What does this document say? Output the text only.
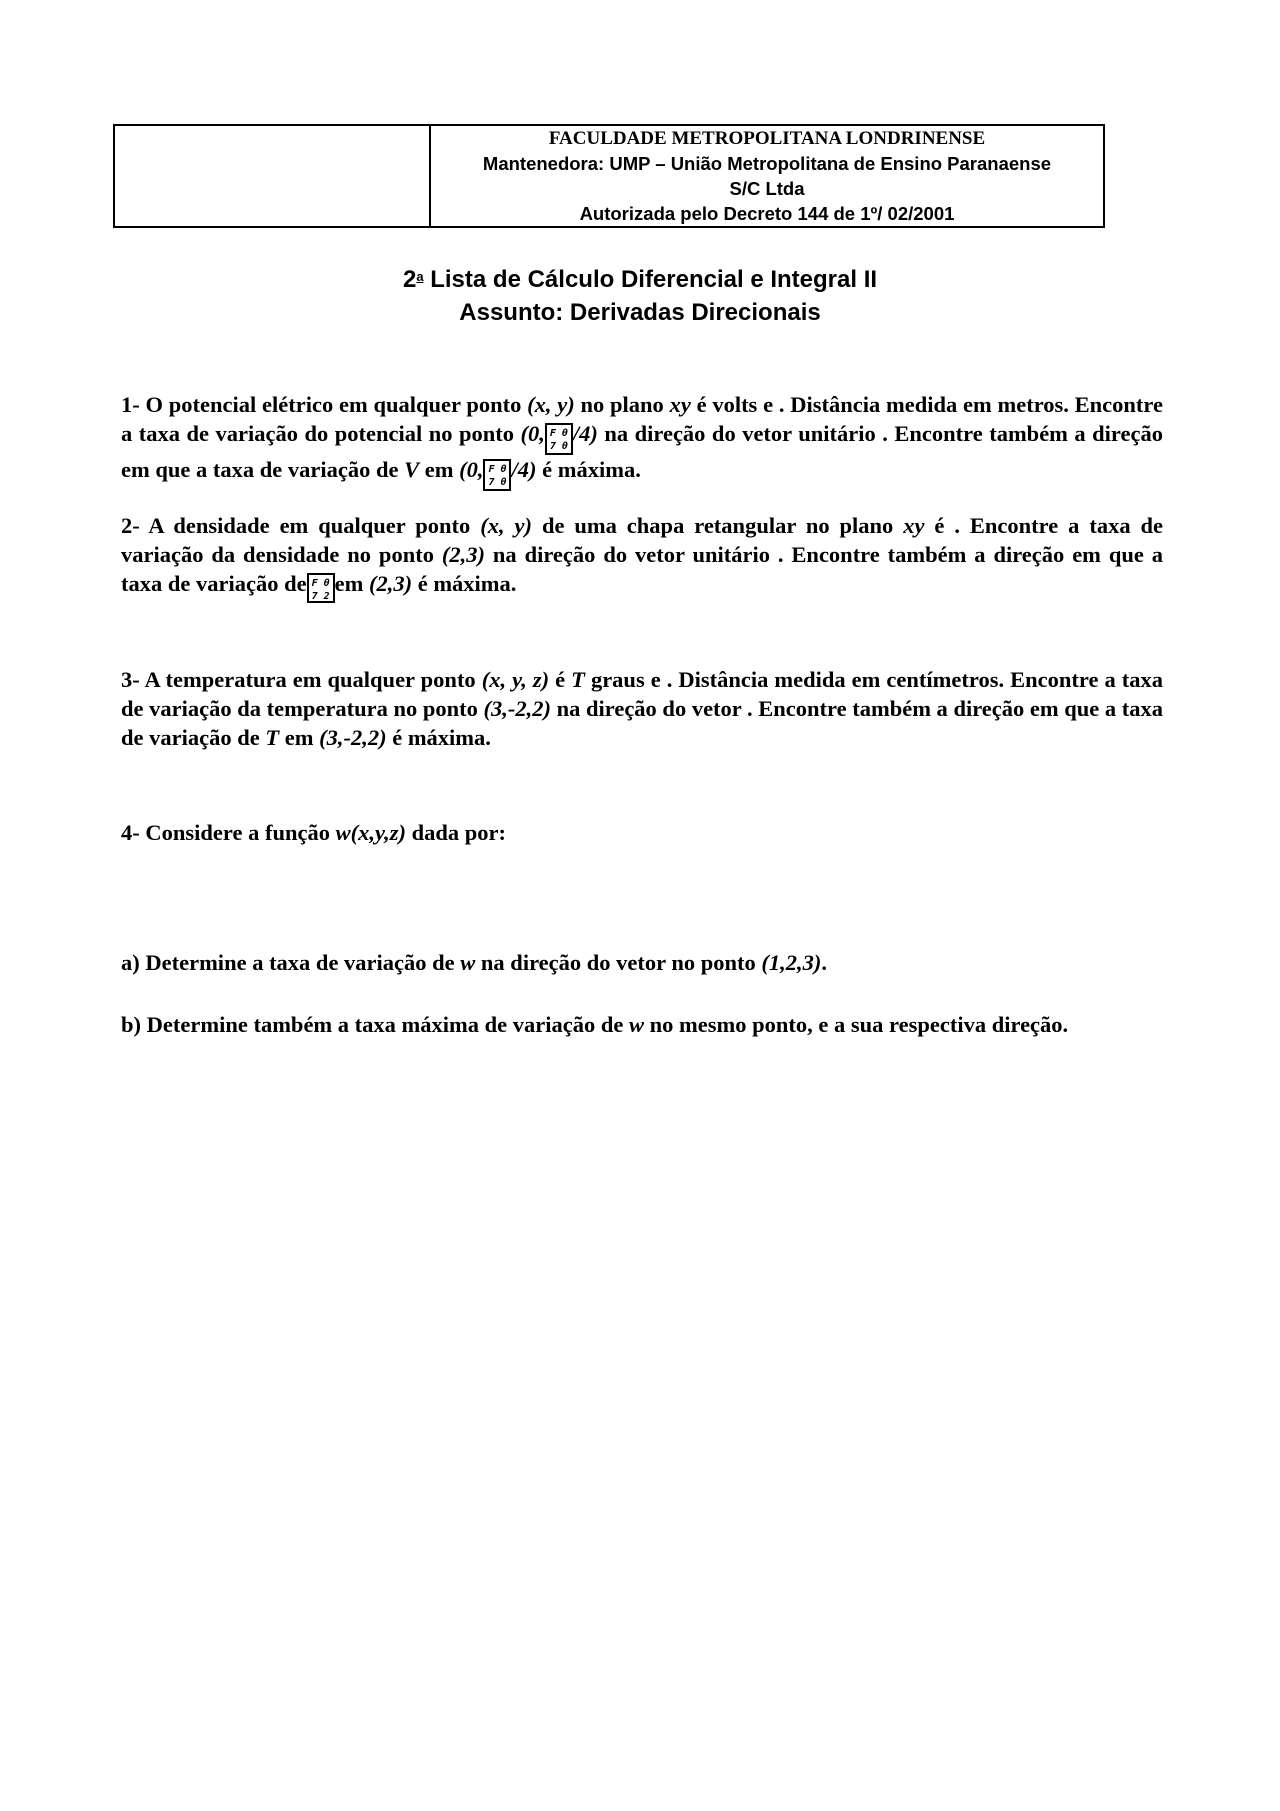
FACULDADE METROPOLITANA LONDRINENSE
Mantenedora: UMP – União Metropolitana de Ensino Paranaense
S/C Ltda
Autorizada pelo Decreto 144 de 1º/ 02/2001
2$^a$ Lista de Cálculo Diferencial e Integral II
Assunto: Derivadas Direcionais

1- O potencial elétrico em qualquer ponto (x, y) no plano xy é volts e . Distância medida em metros. Encontre a taxa de variação do potencial no ponto (0, F θ 7 θ/4) na direção do vetor unitário . Encontre também a direção em que a taxa de variação de V em (0, F θ 7 θ/4) é máxima.

2- A densidade em qualquer ponto (x, y) de uma chapa retangular no plano xy é . Encontre a taxa de variação da densidade no ponto (2,3) na direção do vetor unitário . Encontre também a direção em que a taxa de variação de F θ 7 2em (2,3) é máxima.

3- A temperatura em qualquer ponto (x, y, z) é T graus e . Distância medida em centímetros. Encontre a taxa de variação da temperatura no ponto (3,-2,2) na direção do vetor . Encontre também a direção em que a taxa de variação de T em (3,-2,2) é máxima.

4- Considere a função w(x,y,z) dada por:

a) Determine a taxa de variação de w na direção do vetor no ponto (1,2,3).

b) Determine também a taxa máxima de variação de w no mesmo ponto, e a sua respectiva direção.
